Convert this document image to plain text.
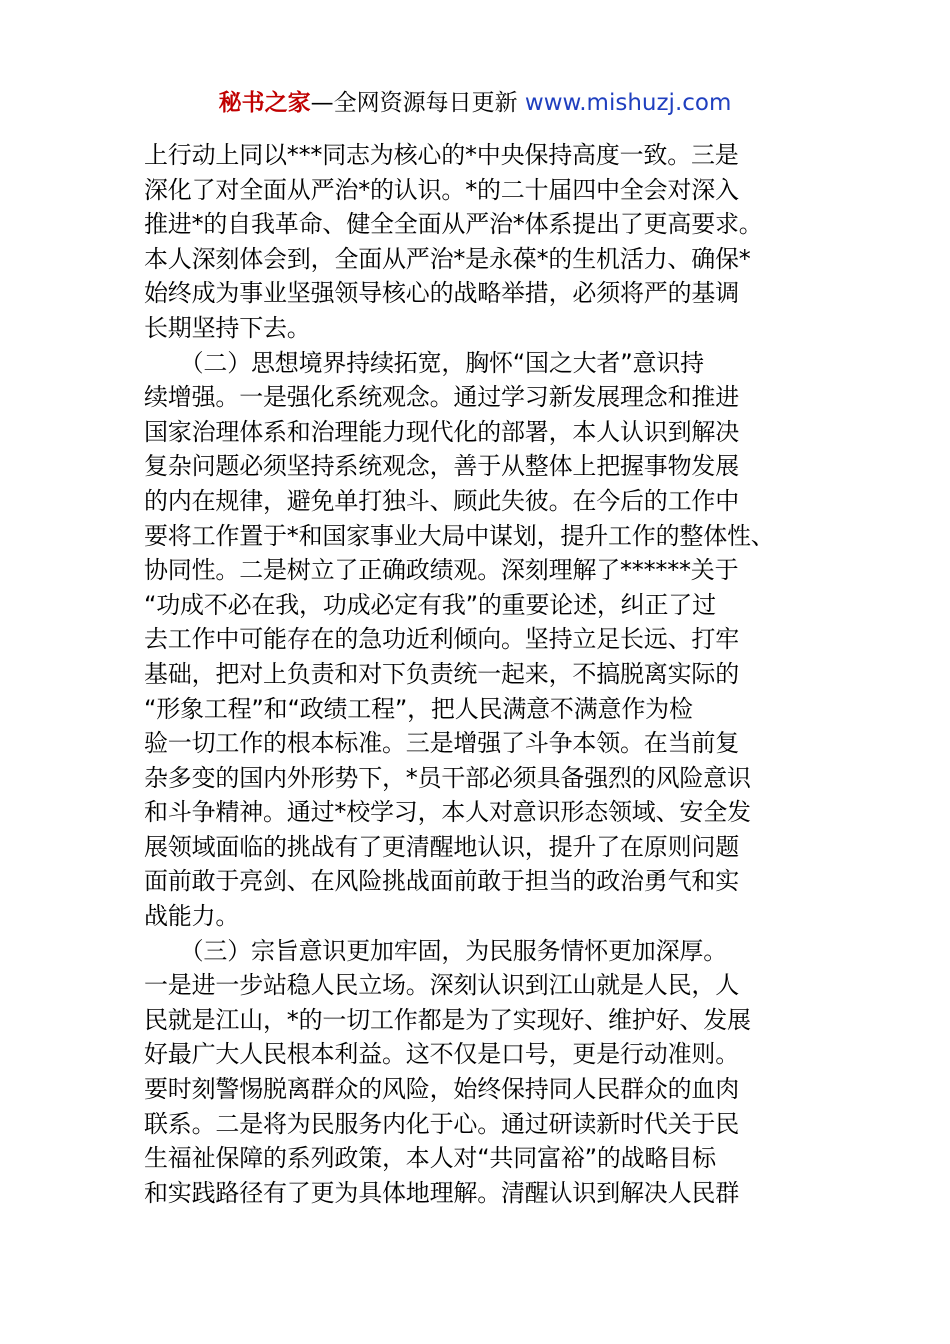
秘书之家—全网资源每日更新 www.mishuzj.com
上行动上同以***同志为核心的*中央保持高度一致。三是
深化了对全面从严治*的认识。*的二十届四中全会对深入
推进*的自我革命、健全全面从严治*体系提出了更高要求。
本人深刻体会到，全面从严治*是永葆*的生机活力、确保*
始终成为事业坚强领导核心的战略举措，必须将严的基调
长期坚持下去。
　　（二）思想境界持续拓宽，胸怀“国之大者”意识持
续增强。一是强化系统观念。通过学习新发展理念和推进
国家治理体系和治理能力现代化的部署，本人认识到解决
复杂问题必须坚持系统观念，善于从整体上把握事物发展
的内在规律，避免单打独斗、顾此失彼。在今后的工作中
要将工作置于*和国家事业大局中谋划，提升工作的整体性、
协同性。二是树立了正确政绩观。深刻理解了******关于
“功成不必在我，功成必定有我”的重要论述，纠正了过
去工作中可能存在的急功近利倾向。坚持立足长远、打牢
基础，把对上负责和对下负责统一起来，不搞脱离实际的
“形象工程”和“政绩工程”，把人民满意不满意作为检
验一切工作的根本标准。三是增强了斗争本领。在当前复
杂多变的国内外形势下，*员干部必须具备强烈的风险意识
和斗争精神。通过*校学习，本人对意识形态领域、安全发
展领域面临的挑战有了更清醒地认识，提升了在原则问题
面前敢于亮剑、在风险挑战面前敢于担当的政治勇气和实
战能力。
　　（三）宗旨意识更加牢固，为民服务情怀更加深厚。
一是进一步站稳人民立场。深刻认识到江山就是人民，人
民就是江山，*的一切工作都是为了实现好、维护好、发展
好最广大人民根本利益。这不仅是口号，更是行动准则。
要时刻警惕脱离群众的风险，始终保持同人民群众的血肉
联系。二是将为民服务内化于心。通过研读新时代关于民
生福祉保障的系列政策，本人对“共同富裕”的战略目标
和实践路径有了更为具体地理解。清醒认识到解决人民群
